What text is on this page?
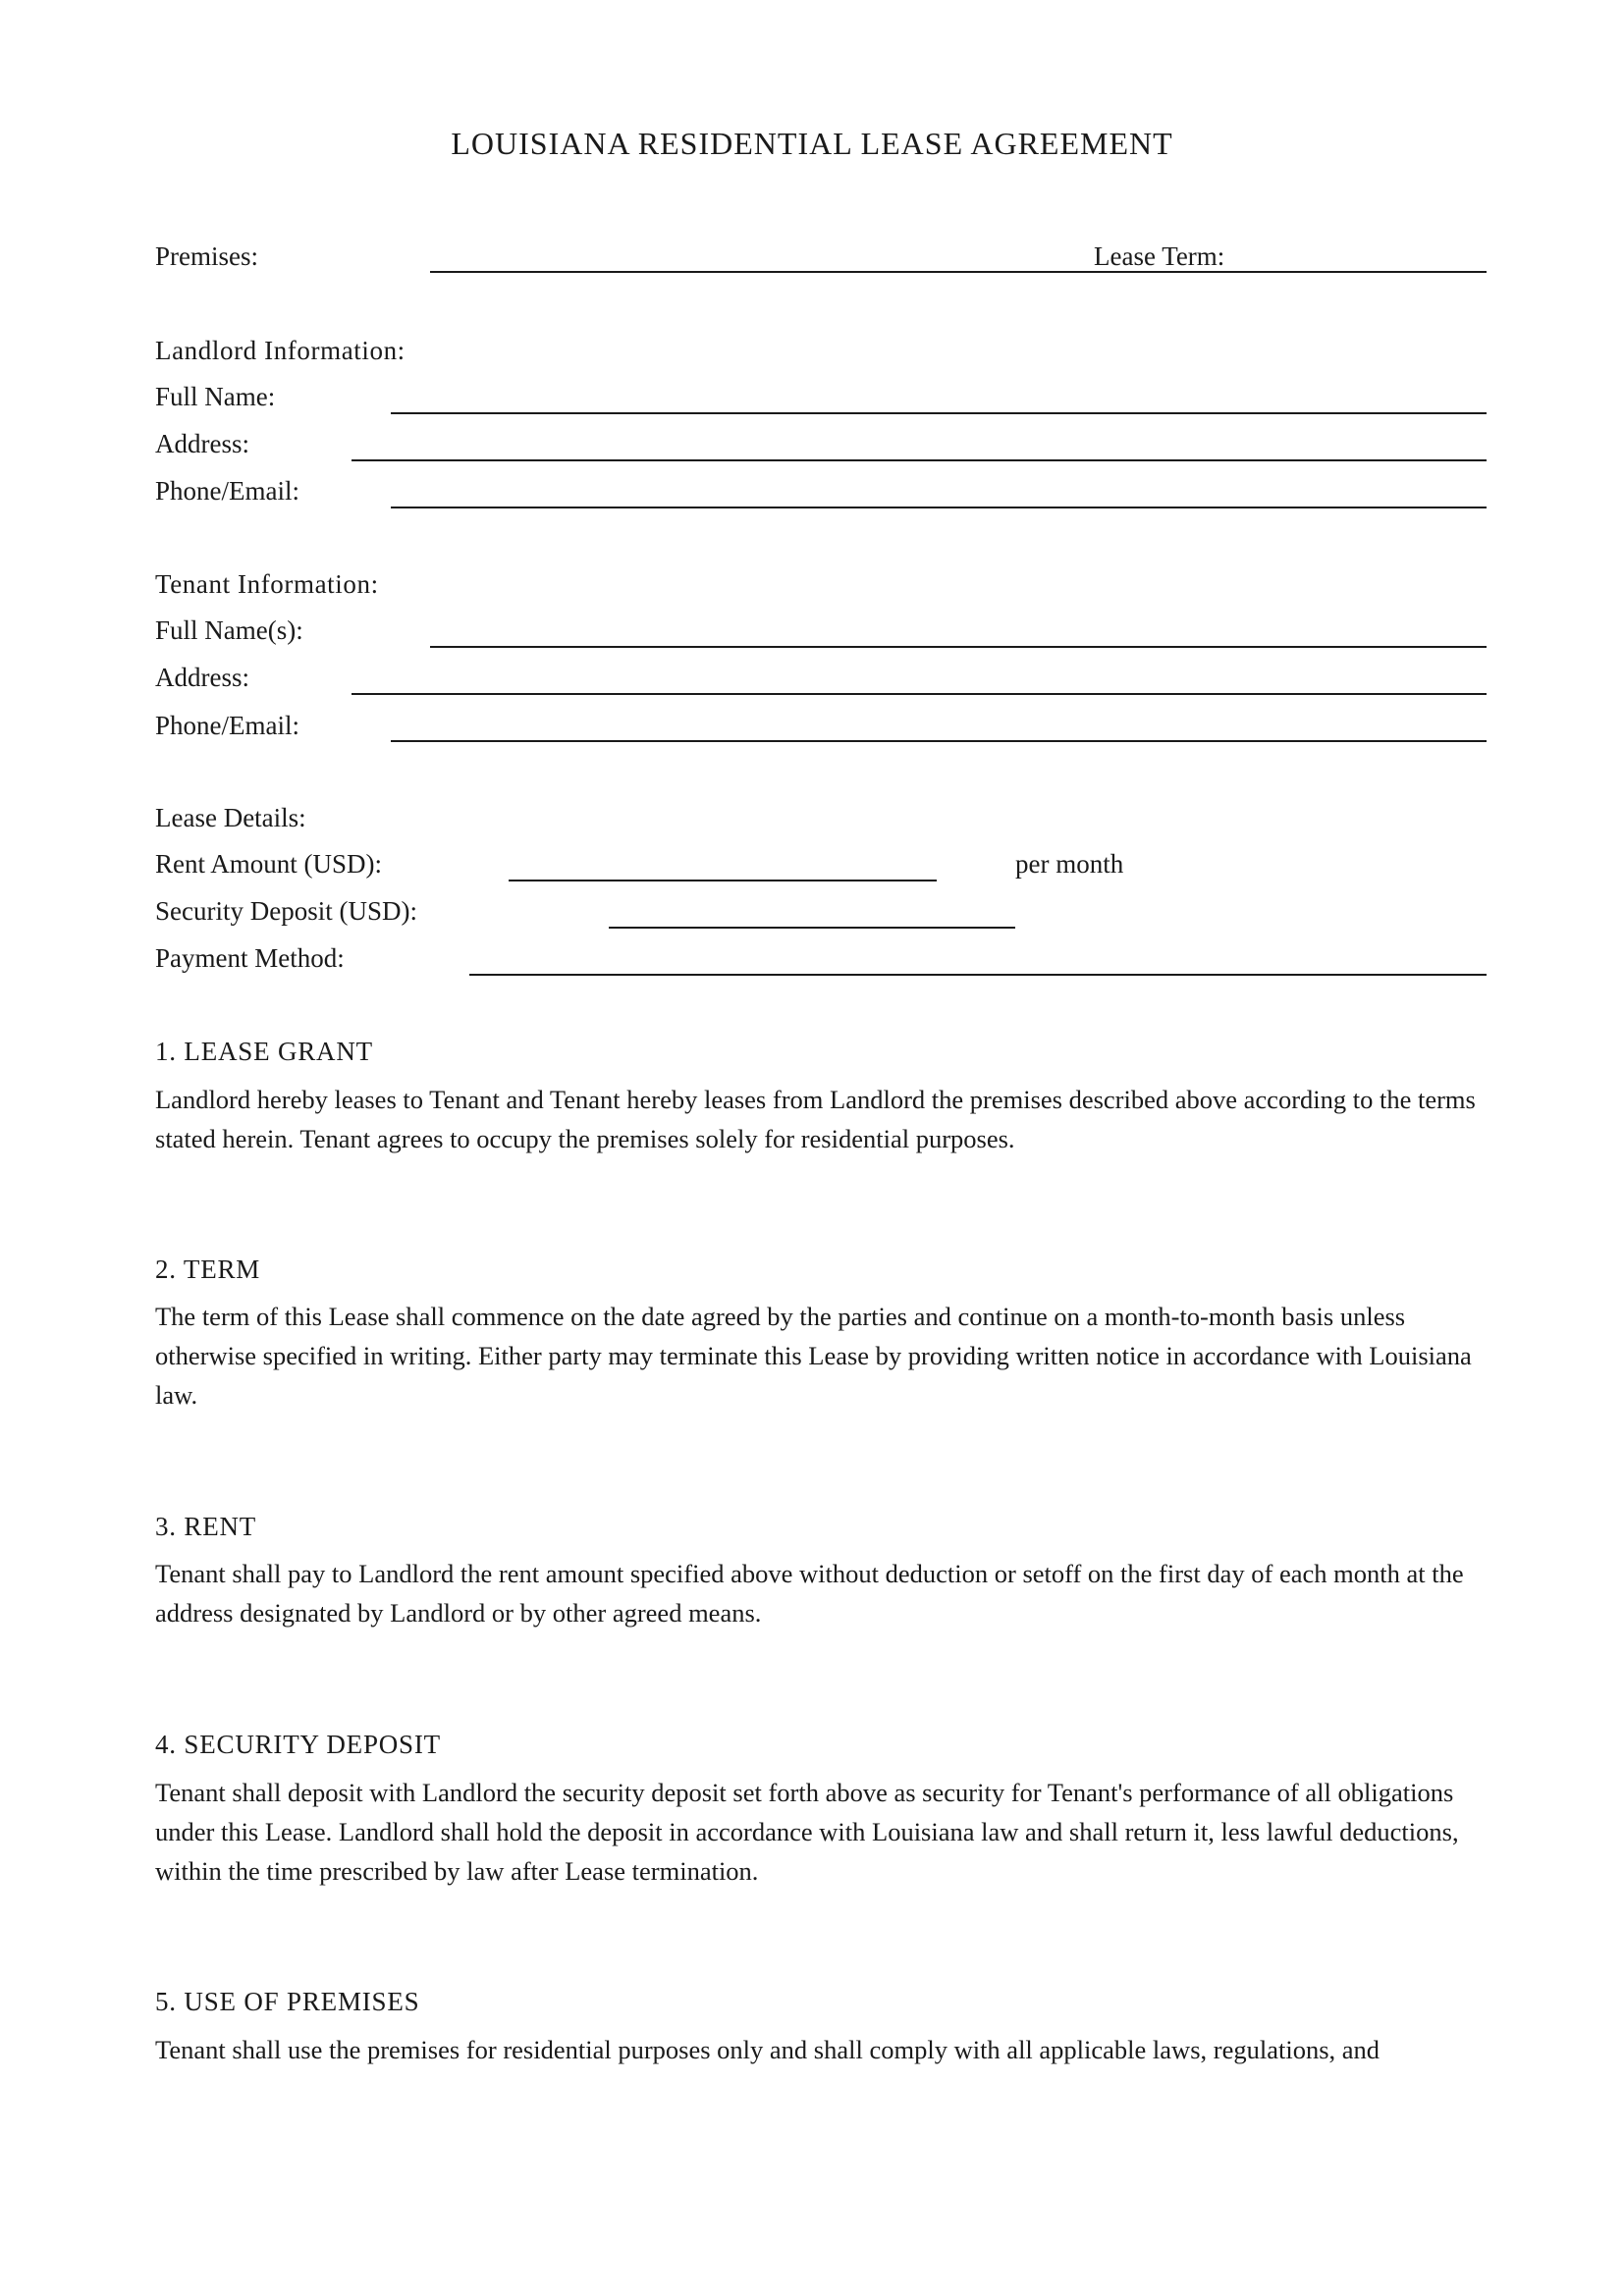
LOUISIANA RESIDENTIAL LEASE AGREEMENT
Premises:	Lease Term:
Landlord Information:
Full Name:
Address:
Phone/Email:
Tenant Information:
Full Name(s):
Address:
Phone/Email:
Lease Details:
Rent Amount (USD):	per month
Security Deposit (USD):
Payment Method:
1. LEASE GRANT
Landlord hereby leases to Tenant and Tenant hereby leases from Landlord the premises described above according to the terms stated herein. Tenant agrees to occupy the premises solely for residential purposes.
2. TERM
The term of this Lease shall commence on the date agreed by the parties and continue on a month-to-month basis unless otherwise specified in writing. Either party may terminate this Lease by providing written notice in accordance with Louisiana law.
3. RENT
Tenant shall pay to Landlord the rent amount specified above without deduction or setoff on the first day of each month at the address designated by Landlord or by other agreed means.
4. SECURITY DEPOSIT
Tenant shall deposit with Landlord the security deposit set forth above as security for Tenant's performance of all obligations under this Lease. Landlord shall hold the deposit in accordance with Louisiana law and shall return it, less lawful deductions, within the time prescribed by law after Lease termination.
5. USE OF PREMISES
Tenant shall use the premises for residential purposes only and shall comply with all applicable laws, regulations, and
